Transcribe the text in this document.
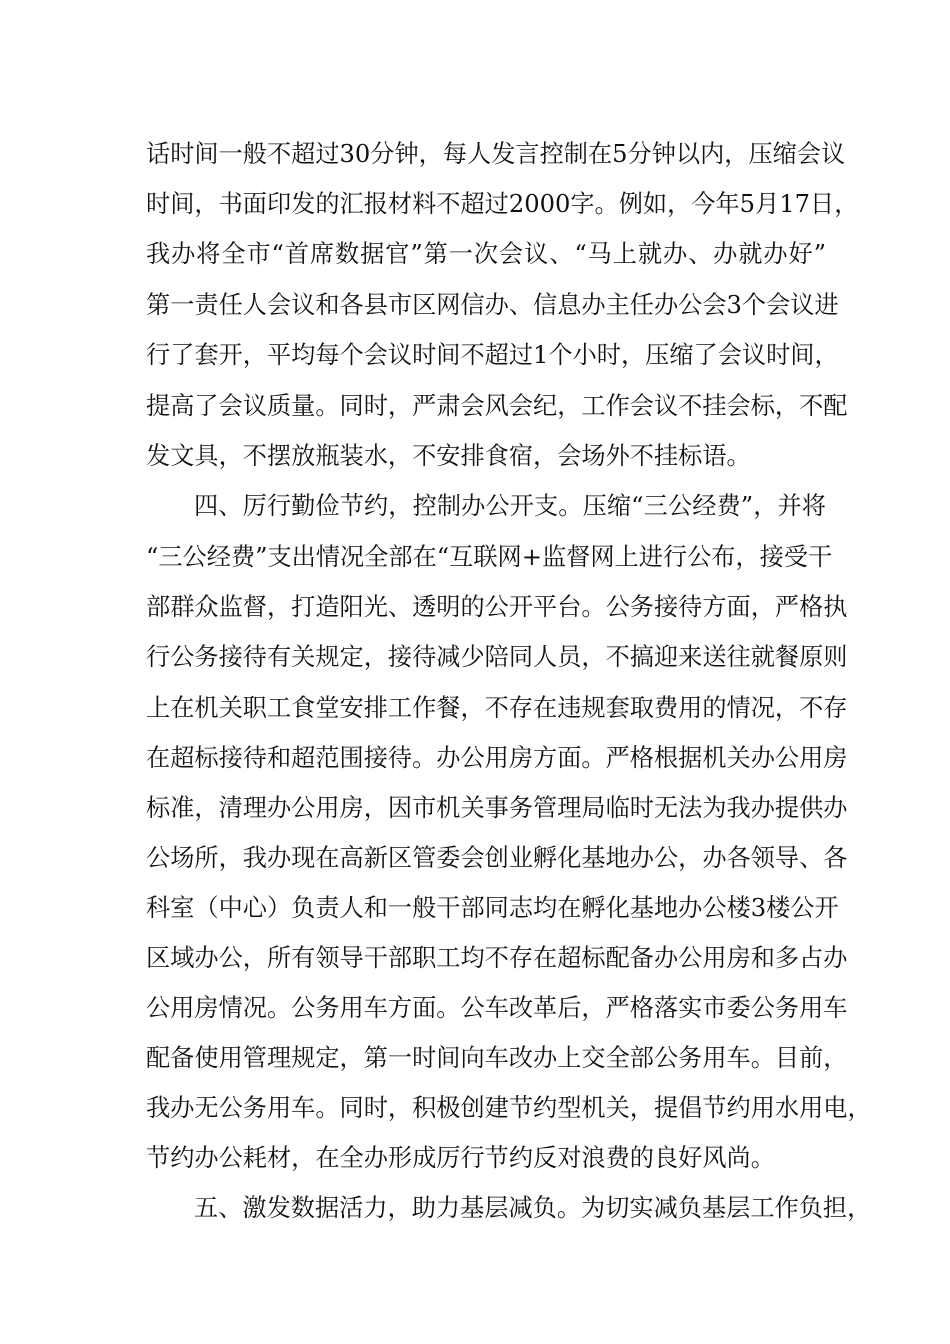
话时间一般不超过30分钟，每人发言控制在5分钟以内，压缩会议
时间，书面印发的汇报材料不超过2000字。例如，今年5月17日，
我办将全市“首席数据官”第一次会议、“马上就办、办就办好”
第一责任人会议和各县市区网信办、信息办主任办公会3个会议进
行了套开，平均每个会议时间不超过1个小时，压缩了会议时间，
提高了会议质量。同时，严肃会风会纪，工作会议不挂会标，不配
发文具，不摆放瓶装水，不安排食宿，会场外不挂标语。
四、厉行勤俭节约，控制办公开支。压缩“三公经费”，并将
“三公经费”支出情况全部在“互联网+监督网上进行公布，接受干
部群众监督，打造阳光、透明的公开平台。公务接待方面，严格执
行公务接待有关规定，接待减少陪同人员，不搞迎来送往就餐原则
上在机关职工食堂安排工作餐，不存在违规套取费用的情况，不存
在超标接待和超范围接待。办公用房方面。严格根据机关办公用房
标准，清理办公用房，因市机关事务管理局临时无法为我办提供办
公场所，我办现在高新区管委会创业孵化基地办公，办各领导、各
科室（中心）负责人和一般干部同志均在孵化基地办公楼3楼公开
区域办公，所有领导干部职工均不存在超标配备办公用房和多占办
公用房情况。公务用车方面。公车改革后，严格落实市委公务用车
配备使用管理规定，第一时间向车改办上交全部公务用车。目前，
我办无公务用车。同时，积极创建节约型机关，提倡节约用水用电，
节约办公耗材，在全办形成厉行节约反对浪费的良好风尚。
五、激发数据活力，助力基层减负。为切实减负基层工作负担，
